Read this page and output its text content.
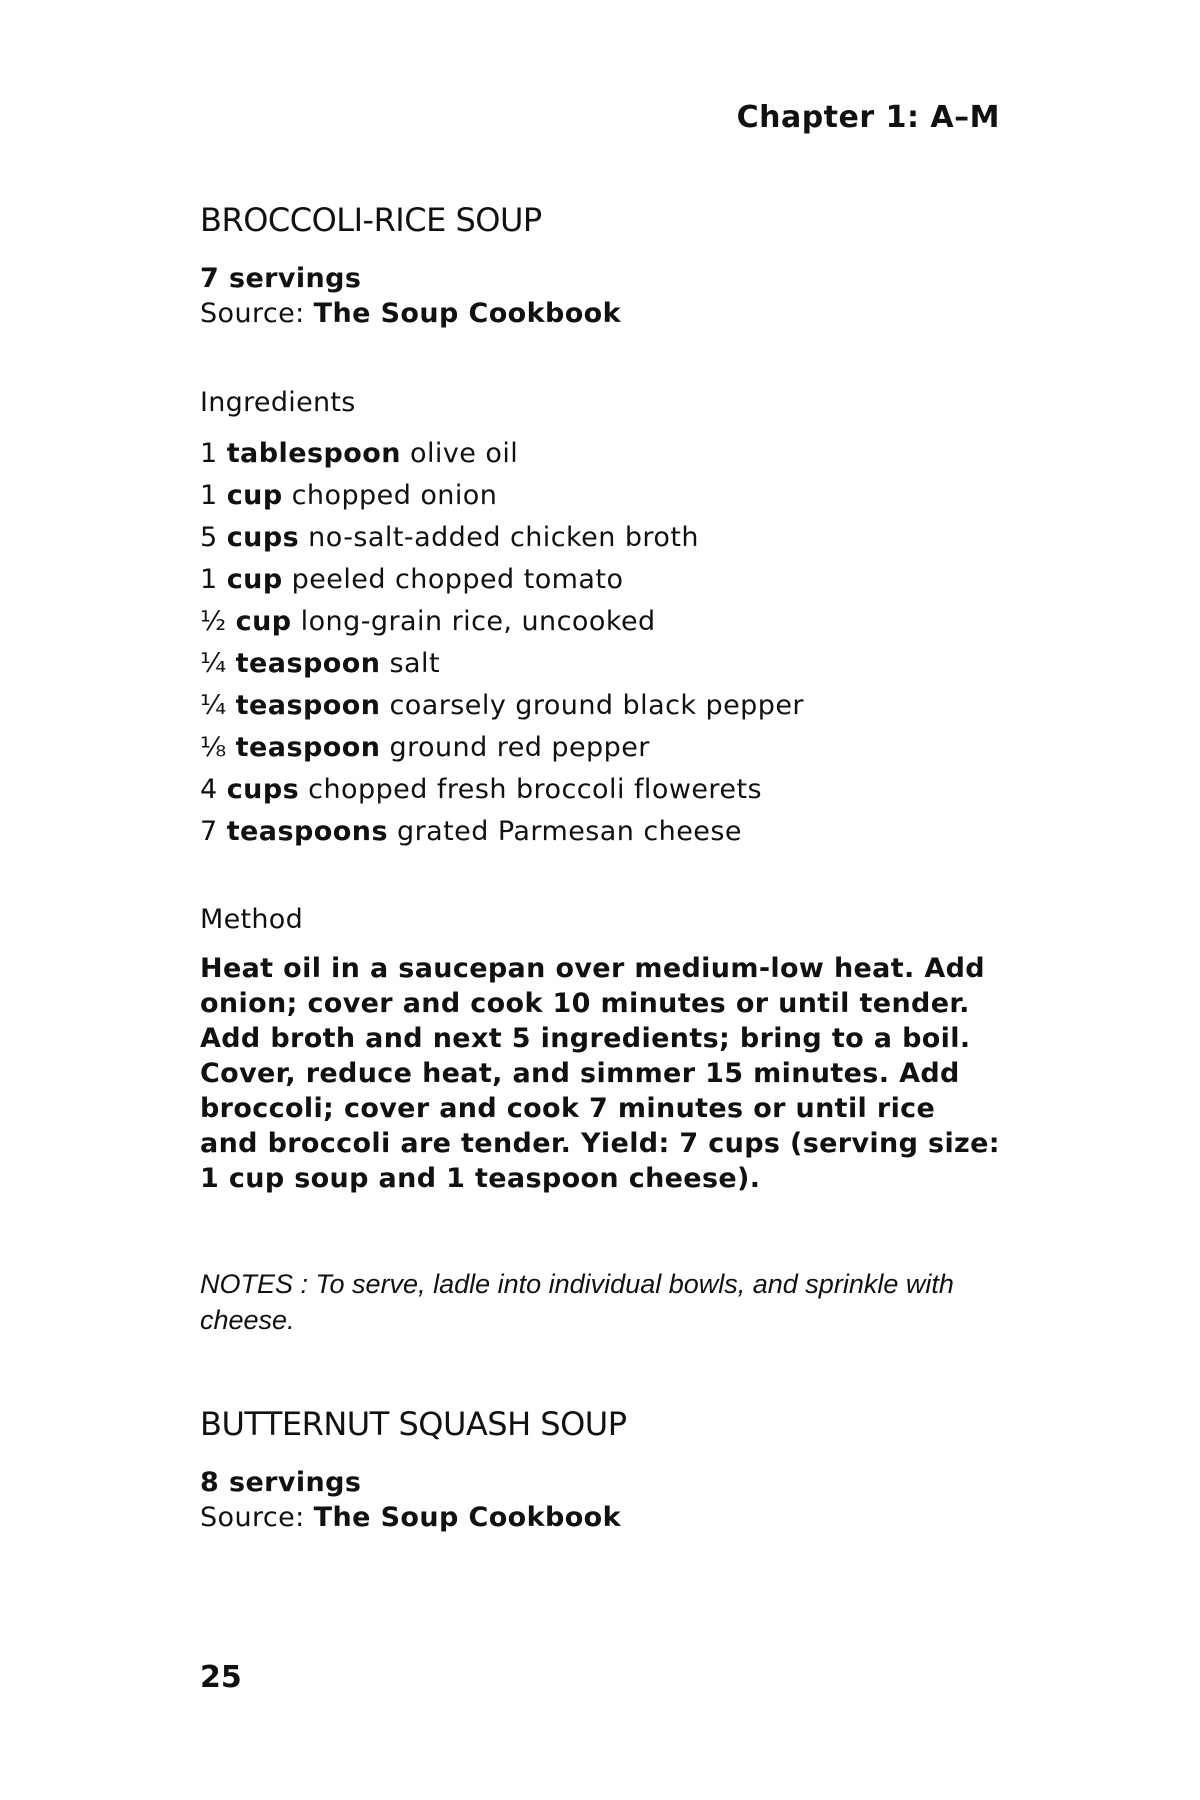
Chapter 1: A–M
BROCCOLI-RICE SOUP
7 servings
Source: The Soup Cookbook
Ingredients
1 tablespoon olive oil
1 cup chopped onion
5 cups no-salt-added chicken broth
1 cup peeled chopped tomato
½ cup long-grain rice, uncooked
¼ teaspoon salt
¼ teaspoon coarsely ground black pepper
⅛ teaspoon ground red pepper
4 cups chopped fresh broccoli flowerets
7 teaspoons grated Parmesan cheese
Method

Heat oil in a saucepan over medium-low heat. Add onion; cover and cook 10 minutes or until tender. Add broth and next 5 ingredients; bring to a boil. Cover, reduce heat, and simmer 15 minutes. Add broccoli; cover and cook 7 minutes or until rice and broccoli are tender. Yield: 7 cups (serving size: 1 cup soup and 1 teaspoon cheese).

NOTES : To serve, ladle into individual bowls, and sprinkle with cheese.

BUTTERNUT SQUASH SOUP
8 servings
Source: The Soup Cookbook
25
